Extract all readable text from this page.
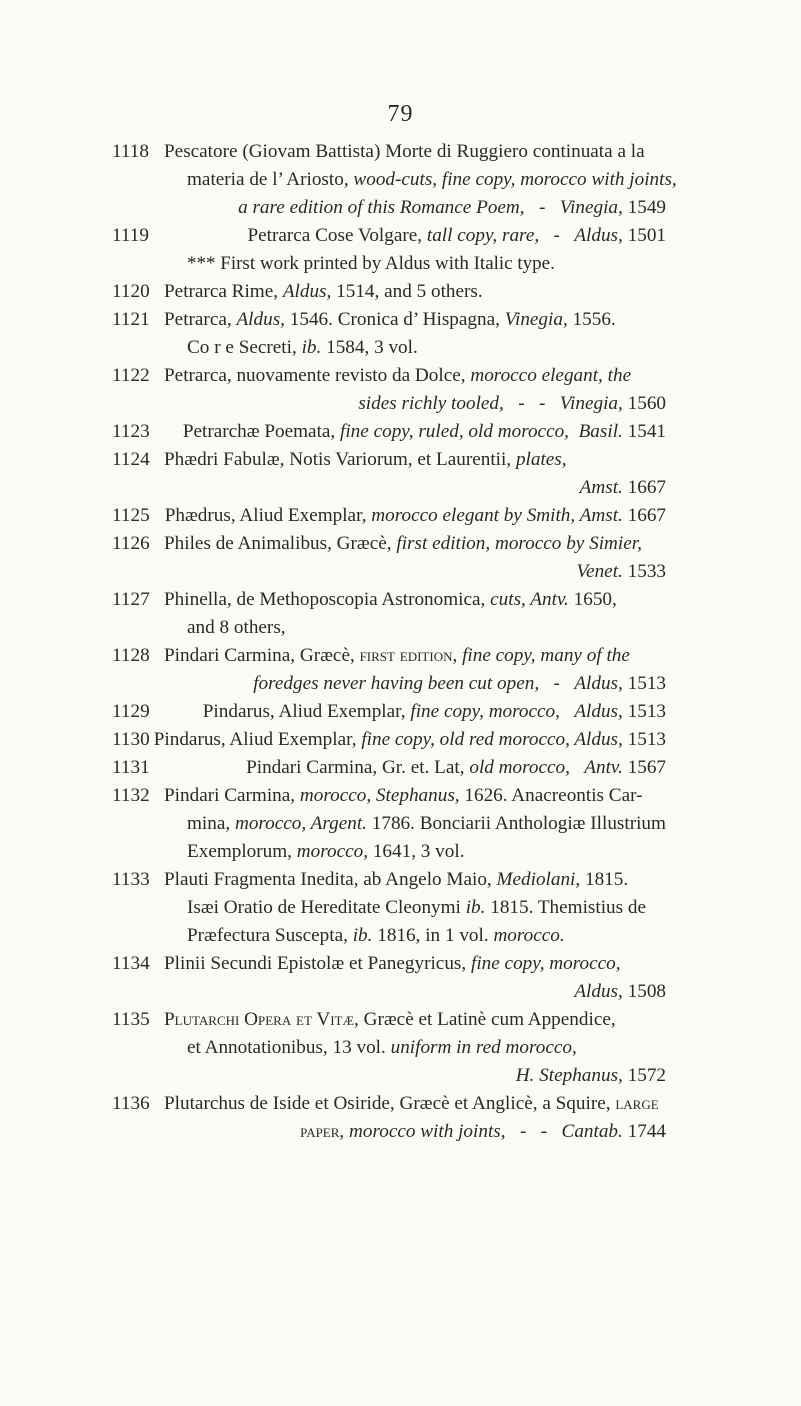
79
1118 Pescatore (Giovam Battista) Morte di Ruggiero continuata a la
materia de l’ Ariosto, wood-cuts, fine copy, morocco with joints,
a rare edition of this Romance Poem,   -   Vinegia, 1549
1119	Petrarca Cose Volgare, tall copy, rare,   -   Aldus, 1501
*** First work printed by Aldus with Italic type.
1120 Petrarca Rime, Aldus, 1514, and 5 others.
1121 Petrarca, Aldus, 1546. Cronica d’ Hispagna, Vinegia, 1556.
Co r e Secreti, ib. 1584, 3 vol.
1122 Petrarca, nuovamente revisto da Dolce, morocco elegant, the
sides richly tooled,   -   -   Vinegia, 1560
1123	Petrarchæ Poemata, fine copy, ruled, old morocco, Basil. 1541
1124 Phædri Fabulæ, Notis Variorum, et Laurentii, plates,
Amst. 1667
1125 Phædrus, Aliud Exemplar, morocco elegant by Smith, Amst. 1667
1126 Philes de Animalibus, Græcè, first edition, morocco by Simier,
Venet. 1533
1127 Phinella, de Methoposcopia Astronomica, cuts, Antv. 1650,
and 8 others,
1128 Pindari Carmina, Græcè, first edition, fine copy, many of the
foredges never having been cut open,   -   Aldus, 1513
1129	Pindarus, Aliud Exemplar, fine copy, morocco, Aldus, 1513
1130 Pindarus, Aliud Exemplar, fine copy, old red morocco, Aldus, 1513
1131	Pindari Carmina, Gr. et. Lat, old morocco, Antv. 1567
1132 Pindari Carmina, morocco, Stephanus, 1626. Anacreontis Car-
mina, morocco, Argent. 1786. Bonciarii Anthologiæ Illustrium
Exemplorum, morocco, 1641, 3 vol.
1133 Plauti Fragmenta Inedita, ab Angelo Maio, Mediolani, 1815.
Isæi Oratio de Hereditate Cleonymi ib. 1815. Themistius de
Præfectura Suscepta, ib. 1816, in 1 vol. morocco.
1134 Plinii Secundi Epistolæ et Panegyricus, fine copy, morocco,
Aldus, 1508
1135 Plutarchi Opera et Vitæ, Græcè et Latinè cum Appendice,
et Annotationibus, 13 vol. uniform in red morocco,
H. Stephanus, 1572
1136 Plutarchus de Iside et Osiride, Græcè et Anglicè, a Squire, large
paper, morocco with joints,   -   -   Cantab. 1744
